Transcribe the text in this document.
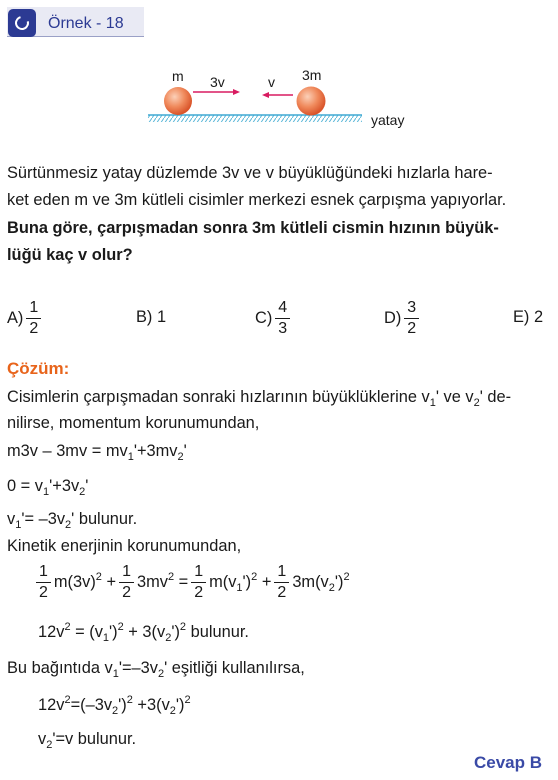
Örnek - 18
m 3v	v 3m
yatay
Sürtünmesiz yatay düzlemde 3v ve v büyüklüğündeki hızlarla hare-
ket eden m ve 3m kütleli cisimler merkezi esnek çarpışma yapıyorlar.
Buna göre, çarpışmadan sonra 3m kütleli cismin hızının büyük-
lüğü kaç v olur?
$A) \frac{1}{2}$	B) 1	$C) \frac{4}{3}$	$D) \frac{3}{2}$	E) 2
Çözüm:
Cisimlerin çarpışmadan sonraki hızlarının büyüklüklerine $v_1'$ ve $v_2'$ de-
nilirse, momentum korunumundan,
$m3v - 3mv = mv_1'+3mv_2'$
$0 = v_1'+3v_2'$
$v_1'= -3v_2'$ bulunur.
Kinetik enerjinin korunumundan,
$\frac{1}{2} m(3v)^2 + \frac{1}{2} 3mv^2 = \frac{1}{2} m(v_1')^2 + \frac{1}{2} 3m(v_2')^2$
$12v^2 = (v_1')^2 + 3(v_2')^2$ bulunur.
Bu bağıntıda $v_1'=-3v_2'$ eşitliği kullanılırsa,
$12v^2=(-3v_2')^2 +3(v_2')^2$
$v_2'=v$ bulunur.
Cevap B
